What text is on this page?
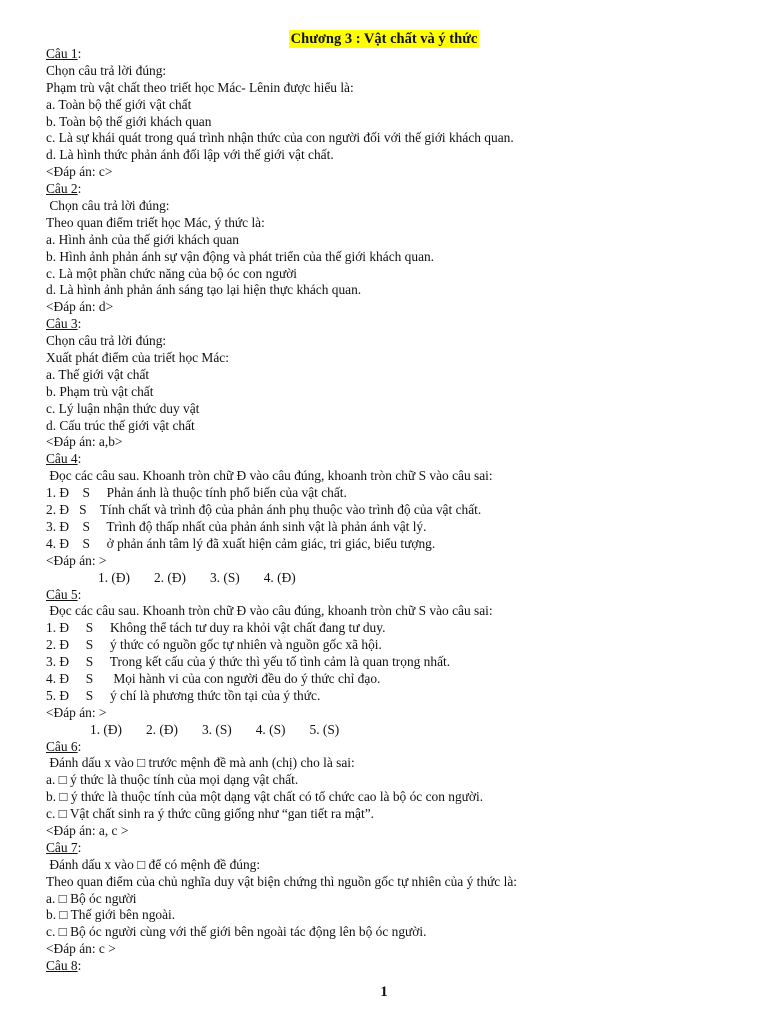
Chương 3 : Vật chất và ý thức
Câu 1:
Chọn câu trả lời đúng:
Phạm trù vật chất theo triết học Mác- Lênin được hiểu là:
a. Toàn bộ thế giới vật chất
b. Toàn bộ thế giới khách quan
c. Là sự khái quát trong quá trình nhận thức của con người đối với thế giới khách quan.
d. Là hình thức phản ánh đối lập với thế giới vật chất.
<Đáp án: c>
Câu 2:
Chọn câu trả lời đúng:
Theo quan điểm triết học Mác, ý thức là:
a. Hình ảnh của thế giới khách quan
b. Hình ảnh phản ánh sự vận động và phát triển của thế giới khách quan.
c. Là một phần chức năng của bộ óc con người
d. Là hình ảnh phản ánh sáng tạo lại hiện thực khách quan.
<Đáp án: d>
Câu 3:
Chọn câu trả lời đúng:
Xuất phát điểm của triết học Mác:
a. Thế giới vật chất
b. Phạm trù vật chất
c. Lý luận nhận thức duy vật
d. Cấu trúc thế giới vật chất
<Đáp án: a,b>
Câu 4:
Đọc các câu sau. Khoanh tròn chữ Đ vào câu đúng, khoanh tròn chữ S vào câu sai:
1. Đ    S     Phản ánh là thuộc tính phổ biến của vật chất.
2. Đ   S    Tính chất và trình độ của phản ánh phụ thuộc vào trình độ của vật chất.
3. Đ    S     Trình độ thấp nhất của phản ánh sinh vật là phản ánh vật lý.
4. Đ    S     ở phản ánh tâm lý đã xuất hiện cảm giác, tri giác, biểu tượng.
<Đáp án: >
1. (Đ) 2. (Đ) 3. (S) 4. (Đ)
Câu 5:
Đọc các câu sau. Khoanh tròn chữ Đ vào câu đúng, khoanh tròn chữ S vào câu sai:
1. Đ     S     Không thể tách tư duy ra khỏi vật chất đang tư duy.
2. Đ     S     ý thức có nguồn gốc tự nhiên và nguồn gốc xã hội.
3. Đ     S     Trong kết cấu của ý thức thì yếu tố tình cảm là quan trọng nhất.
4. Đ     S      Mọi hành vi của con người đều do ý thức chỉ đạo.
5. Đ     S     ý chí là phương thức tồn tại của ý thức.
<Đáp án: >
1. (Đ) 2. (Đ) 3. (S) 4. (S) 5. (S)
Câu 6:
Đánh dấu x vào □ trước mệnh đề mà anh (chị) cho là sai:
a. □ ý thức là thuộc tính của mọi dạng vật chất.
b. □ ý thức là thuộc tính của một dạng vật chất có tổ chức cao là bộ óc con người.
c. □ Vật chất sinh ra ý thức cũng giống như “gan tiết ra mật”.
<Đáp án: a, c >
Câu 7:
Đánh dấu x vào □ để có mệnh đề đúng:
Theo quan điểm của chủ nghĩa duy vật biện chứng thì nguồn gốc tự nhiên của ý thức là:
a. □ Bộ óc người
b. □ Thế giới bên ngoài.
c. □ Bộ óc người cùng với thế giới bên ngoài tác động lên bộ óc người.
<Đáp án: c >
Câu 8:
1
